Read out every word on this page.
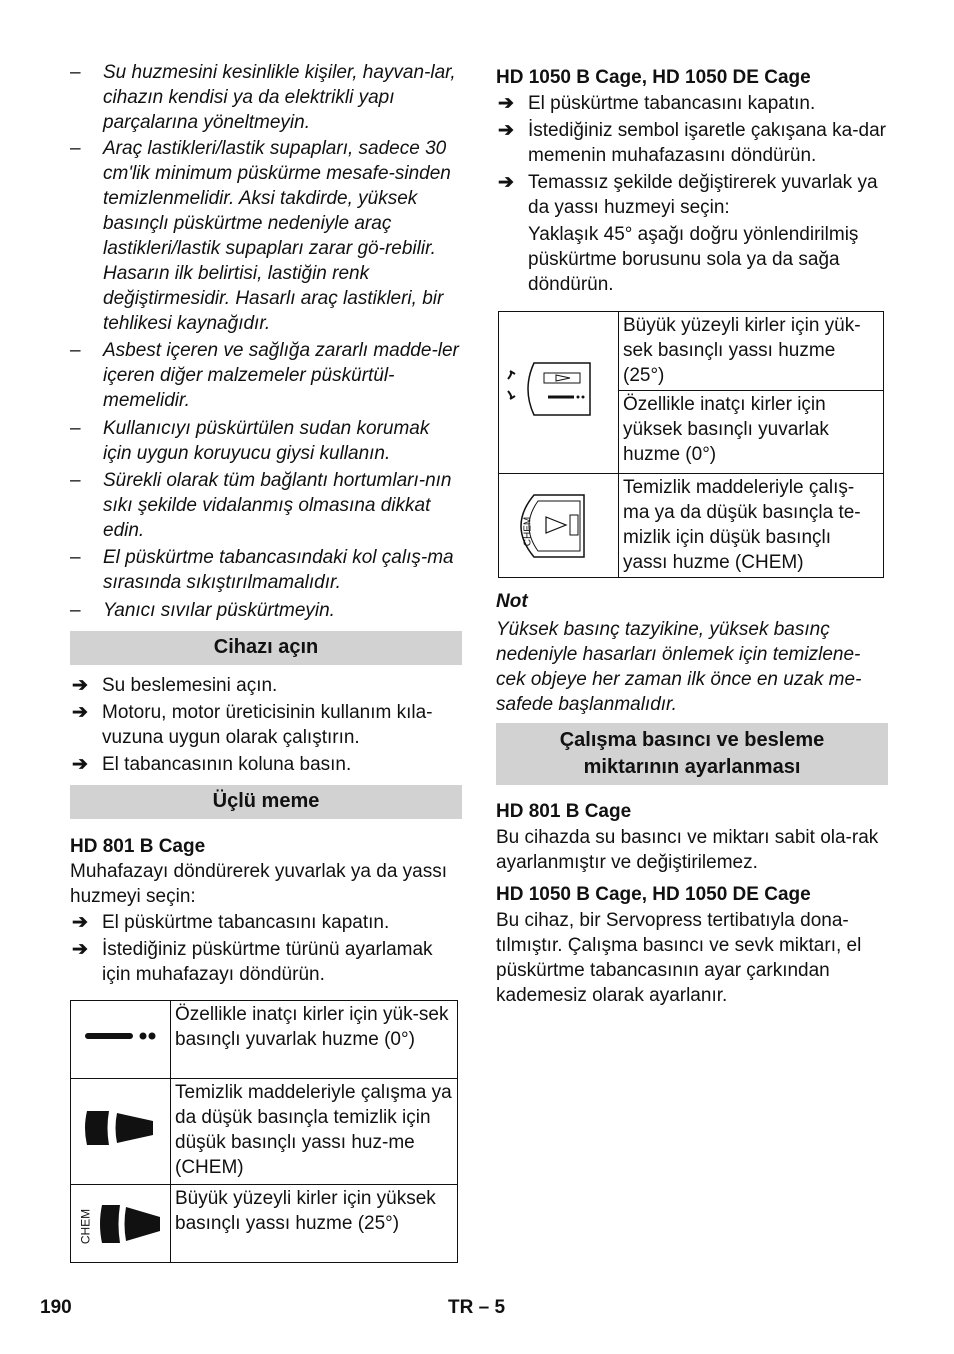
–	Su huzmesini kesinlikle kişiler, hayvan-lar, cihazın kendisi ya da elektrikli yapı parçalarına yöneltmeyin.
–	Araç lastikleri/lastik supapları, sadece 30 cm'lik minimum püskürme mesafe-sinden temizlenmelidir. Aksi takdirde, yüksek basınçlı püskürtme nedeniyle araç lastikleri/lastik supapları zarar gö-rebilir. Hasarın ilk belirtisi, lastiğin renk değiştirmesidir. Hasarlı araç lastikleri, bir tehlikesi kaynağıdır.
–	Asbest içeren ve sağlığa zararlı madde-ler içeren diğer malzemeler püskürtül-memelidir.
–	Kullanıcıyı püskürtülen sudan korumak için uygun koruyucu giysi kullanın.
–	Sürekli olarak tüm bağlantı hortumları-nın sıkı şekilde vidalanmış olmasına dikkat edin.
–	El püskürtme tabancasındaki kol çalış-ma sırasında sıkıştırılmamalıdır.
–	Yanıcı sıvılar püskürtmeyin.
Cihazı açın
➔ Su beslemesini açın.
➔ Motoru, motor üreticisinin kullanım kıla-vuzuna uygun olarak çalıştırın.
➔ El tabancasının koluna basın.
Üçlü meme
HD 801 B Cage
Muhafazayı döndürerek yuvarlak ya da yassı huzmeyi seçin:
➔ El püskürtme tabancasını kapatın.
➔ İstediğiniz püskürtme türünü ayarlamak için muhafazayı döndürün.
	Özellikle inatçı kirler için yük-sek basınçlı yuvarlak huzme (0°)
	Temizlik maddeleriyle çalışma ya da düşük basınçla temizlik için düşük basınçlı yassı huz-me (CHEM)

CHEM	Büyük yüzeyli kirler için yüksek basınçlı yassı huzme (25°)
HD 1050 B Cage, HD 1050 DE Cage
➔ El püskürtme tabancasını kapatın.
➔ İstediğiniz sembol işaretle çakışana ka-dar memenin muhafazasını döndürün.
➔ Temassız şekilde değiştirerek yuvarlak ya da yassı huzmeyi seçin:
Yaklaşık 45° aşağı doğru yönlendirilmiş püskürtme borusunu sola ya da sağa döndürün.
	Büyük yüzeyli kirler için yük-sek basınçlı yassı huzme (25°)
	Özellikle inatçı kirler için yüksek basınçlı yuvarlak huzme (0°)

CHEM	Temizlik maddeleriyle çalış-ma ya da düşük basınçla te-mizlik için düşük basınçlı yassı huzme (CHEM)
Not
Yüksek basınç tazyikine, yüksek basınç nedeniyle hasarları önlemek için temizlene-cek objeye her zaman ilk önce en uzak me-safede başlanmalıdır.
Çalışma basıncı ve besleme miktarının ayarlanması
HD 801 B Cage
Bu cihazda su basıncı ve miktarı sabit ola-rak ayarlanmıştır ve değiştirilemez.
HD 1050 B Cage, HD 1050 DE Cage
Bu cihaz, bir Servopress tertibatıyla dona-tılmıştır. Çalışma basıncı ve sevk miktarı, el püskürtme tabancasının ayar çarkından kademesiz olarak ayarlanır.
190	TR – 5
